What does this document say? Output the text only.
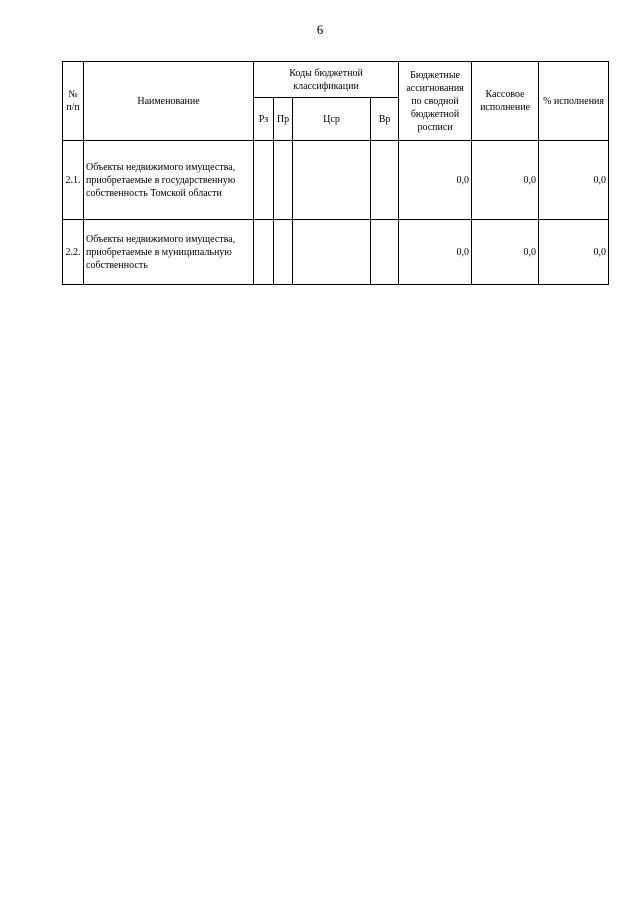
6
№ п/п	Наименование	Коды бюджетной классификации				Бюджетные ассигнования по сводной бюджетной росписи	Кассовое исполнение	% исполнения
		Рз	Пр	Цср	Вр			
2.1.	Объекты недвижимого имущества, приобретаемые в государственную собственность Томской области					0,0	0,0	0,0
2.2.	Объекты недвижимого имущества, приобретаемые в муниципальную собственность					0,0	0,0	0,0
